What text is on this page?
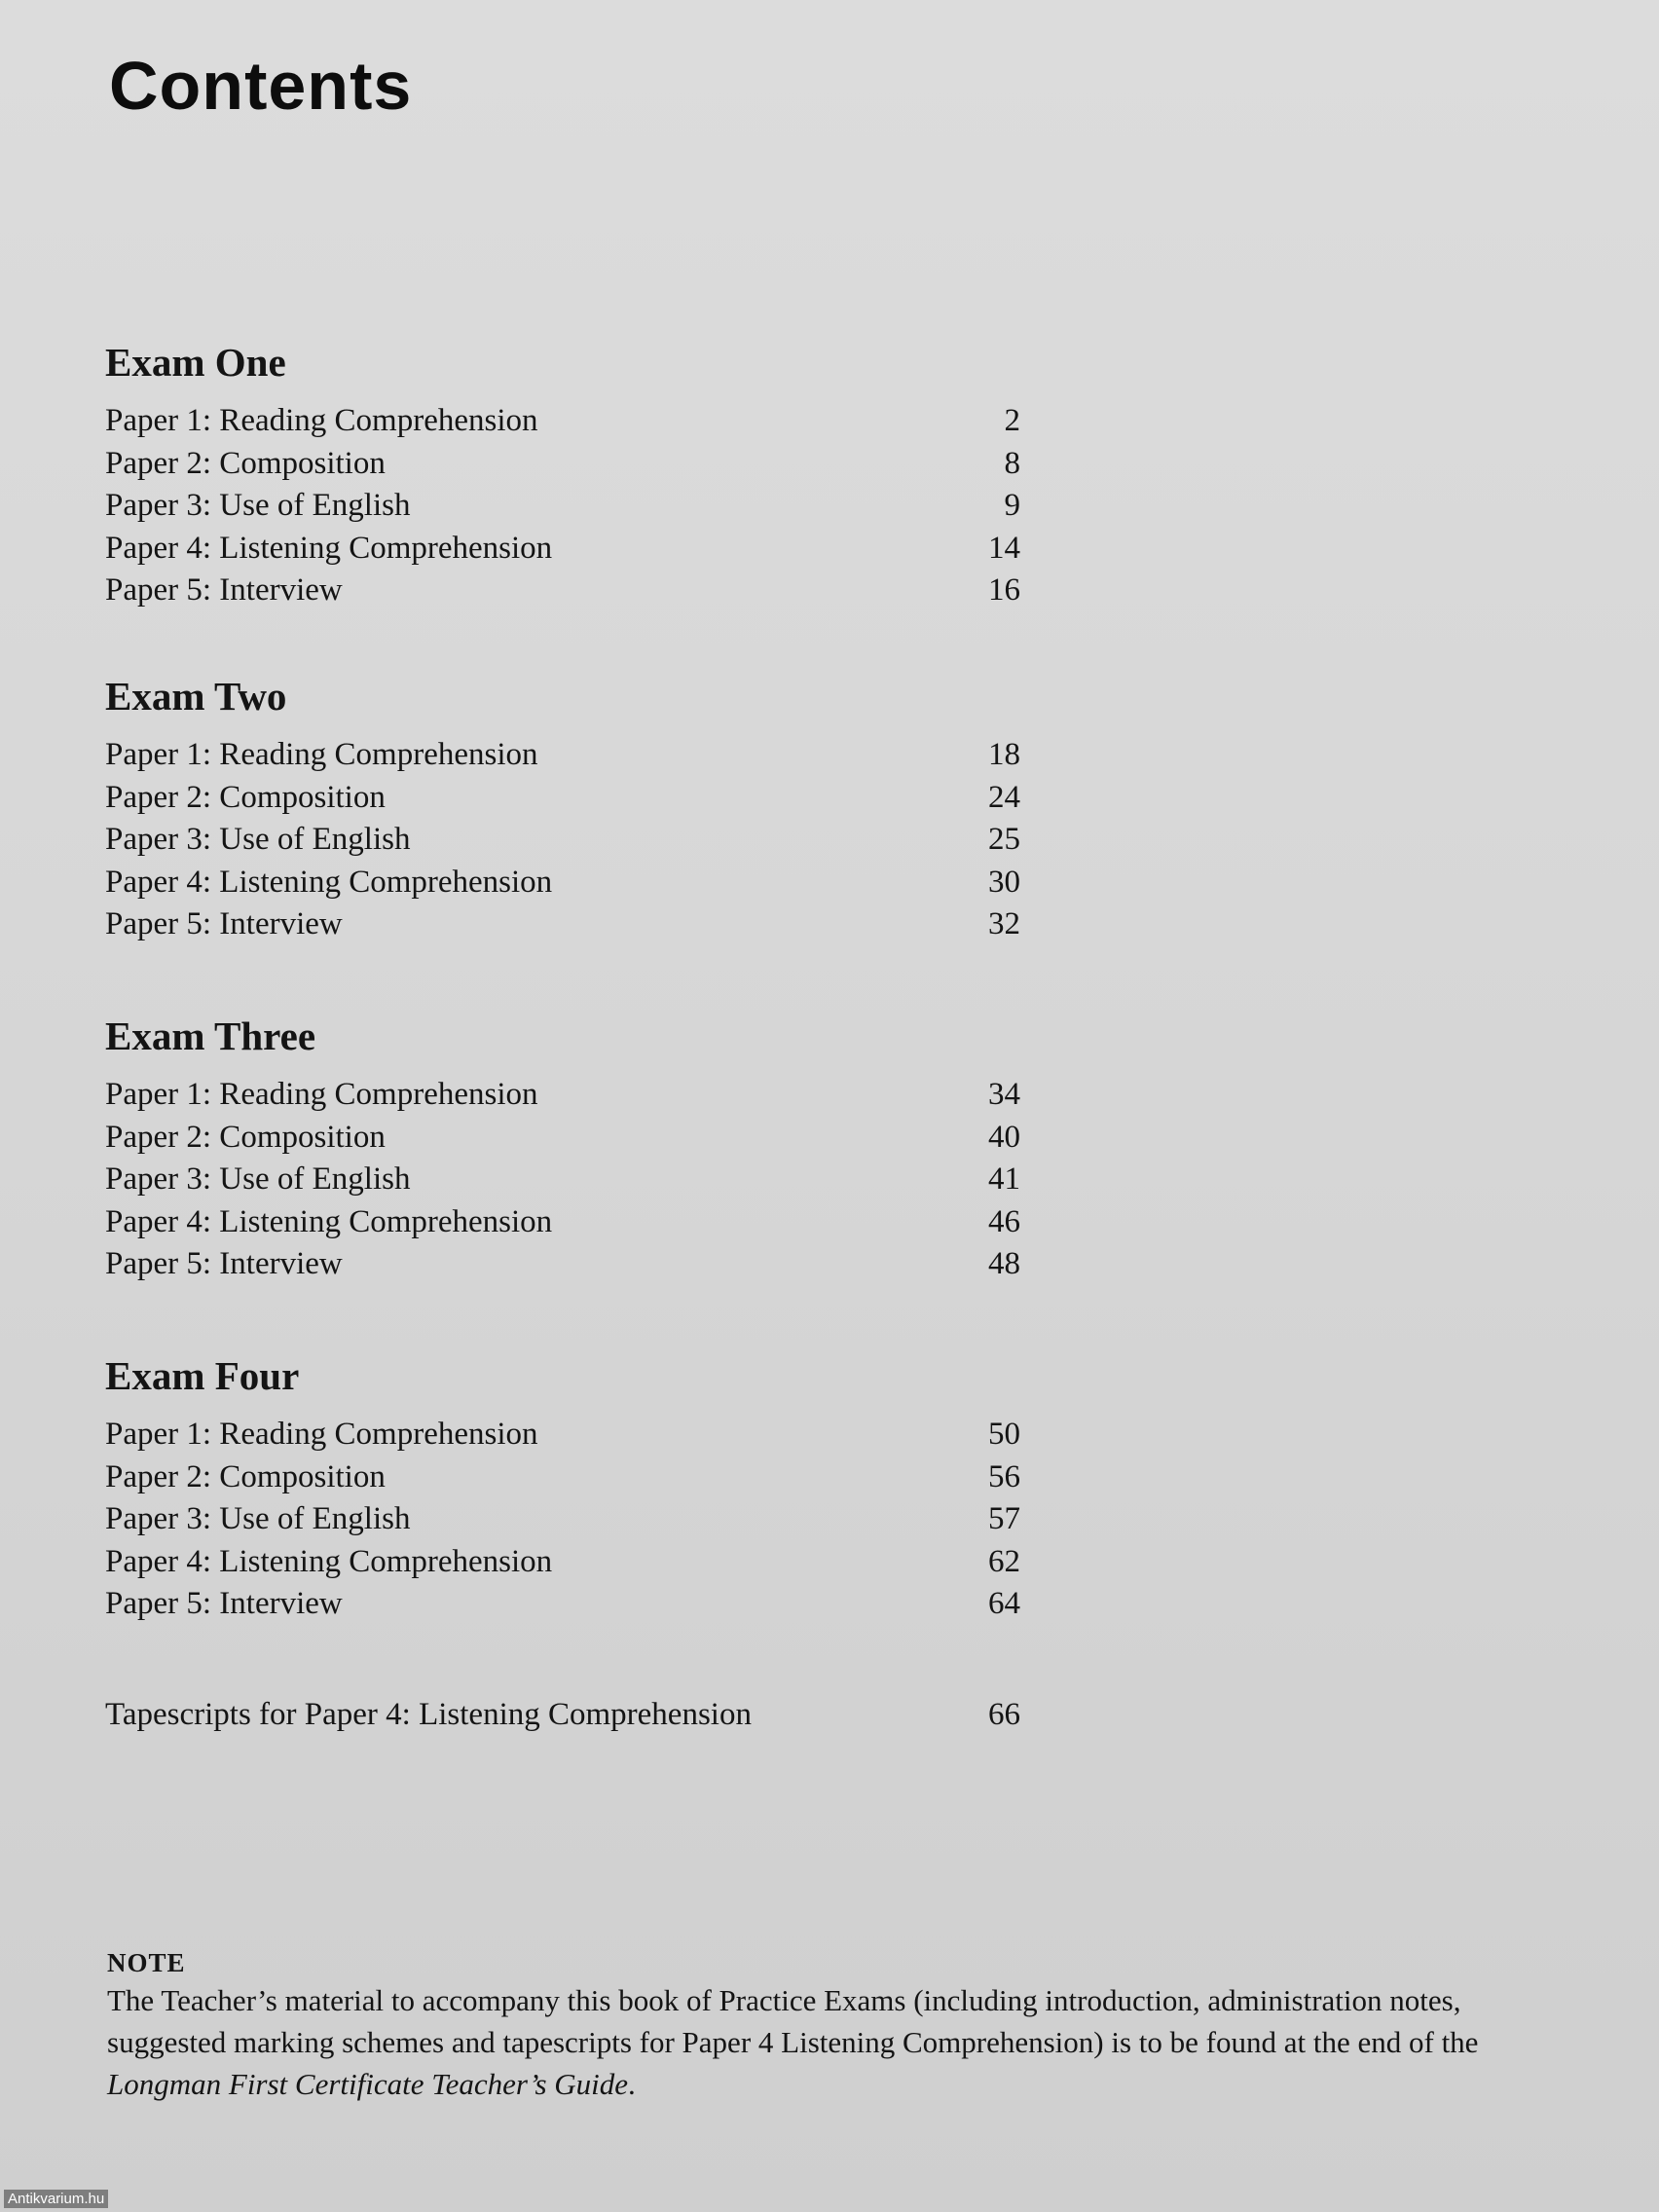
Contents
Exam One
Paper 1: Reading Comprehension	2
Paper 2: Composition	8
Paper 3: Use of English	9
Paper 4: Listening Comprehension	14
Paper 5: Interview	16
Exam Two
Paper 1: Reading Comprehension	18
Paper 2: Composition	24
Paper 3: Use of English	25
Paper 4: Listening Comprehension	30
Paper 5: Interview	32
Exam Three
Paper 1: Reading Comprehension	34
Paper 2: Composition	40
Paper 3: Use of English	41
Paper 4: Listening Comprehension	46
Paper 5: Interview	48
Exam Four
Paper 1: Reading Comprehension	50
Paper 2: Composition	56
Paper 3: Use of English	57
Paper 4: Listening Comprehension	62
Paper 5: Interview	64
Tapescripts for Paper 4: Listening Comprehension	66
NOTE

The Teacher’s material to accompany this book of Practice Exams (including introduction, administration notes, suggested marking schemes and tapescripts for Paper 4 Listening Comprehension) is to be found at the end of the Longman First Certificate Teacher’s Guide.

Antikvarium.hu
